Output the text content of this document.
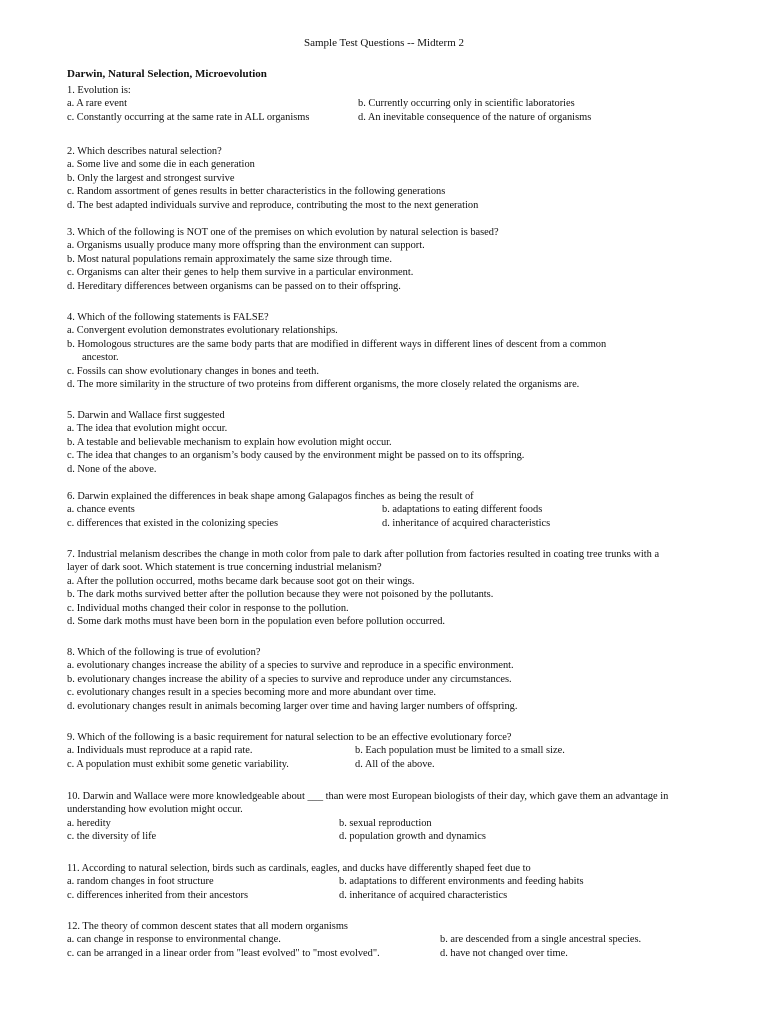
Sample Test Questions -- Midterm 2
Darwin, Natural Selection, Microevolution
1. Evolution is:
a. A rare event	b. Currently occurring only in scientific laboratories
c. Constantly occurring at the same rate in ALL organisms	d. An inevitable consequence of the nature of organisms
2. Which describes natural selection?
a. Some live and some die in each generation
b. Only the largest and strongest survive
c. Random assortment of genes results in better characteristics in the following generations
d. The best adapted individuals survive and reproduce, contributing the most to the next generation
3. Which of the following is NOT one of the premises on which evolution by natural selection is based?
a. Organisms usually produce many more offspring than the environment can support.
b. Most natural populations remain approximately the same size through time.
c. Organisms can alter their genes to help them survive in a particular environment.
d. Hereditary differences between organisms can be passed on to their offspring.
4. Which of the following statements is FALSE?
a. Convergent evolution demonstrates evolutionary relationships.
b. Homologous structures are the same body parts that are modified in different ways in different lines of descent from a common
ancestor.
c. Fossils can show evolutionary changes in bones and teeth.
d. The more similarity in the structure of two proteins from different organisms, the more closely related the organisms are.
5. Darwin and Wallace first suggested
a. The idea that evolution might occur.
b. A testable and believable mechanism to explain how evolution might occur.
c. The idea that changes to an organism’s body caused by the environment might be passed on to its offspring.
d. None of the above.
6. Darwin explained the differences in beak shape among Galapagos finches as being the result of
a. chance events	b. adaptations to eating different foods
c. differences that existed in the colonizing species	d. inheritance of acquired characteristics
7. Industrial melanism describes the change in moth color from pale to dark after pollution from factories resulted in coating tree trunks with a layer of dark soot. Which statement is true concerning industrial melanism?
a. After the pollution occurred, moths became dark because soot got on their wings.
b. The dark moths survived better after the pollution because they were not poisoned by the pollutants.
c. Individual moths changed their color in response to the pollution.
d. Some dark moths must have been born in the population even before pollution occurred.
8. Which of the following is true of evolution?
a. evolutionary changes increase the ability of a species to survive and reproduce in a specific environment.
b. evolutionary changes increase the ability of a species to survive and reproduce under any circumstances.
c. evolutionary changes result in a species becoming more and more abundant over time.
d. evolutionary changes result in animals becoming larger over time and having larger numbers of offspring.
9. Which of the following is a basic requirement for natural selection to be an effective evolutionary force?
a. Individuals must reproduce at a rapid rate.	b. Each population must be limited to a small size.
c. A population must exhibit some genetic variability.	d. All of the above.
10. Darwin and Wallace were more knowledgeable about ___ than were most European biologists of their day, which gave them an advantage in understanding how evolution might occur.
a. heredity	b. sexual reproduction
c. the diversity of life	d. population growth and dynamics
11. According to natural selection, birds such as cardinals, eagles, and ducks have differently shaped feet due to
a. random changes in foot structure	b. adaptations to different environments and feeding habits
c. differences inherited from their ancestors	d. inheritance of acquired characteristics
12. The theory of common descent states that all modern organisms
a. can change in response to environmental change.	b. are descended from a single ancestral species.
c. can be arranged in a linear order from "least evolved" to "most evolved".	d. have not changed over time.
